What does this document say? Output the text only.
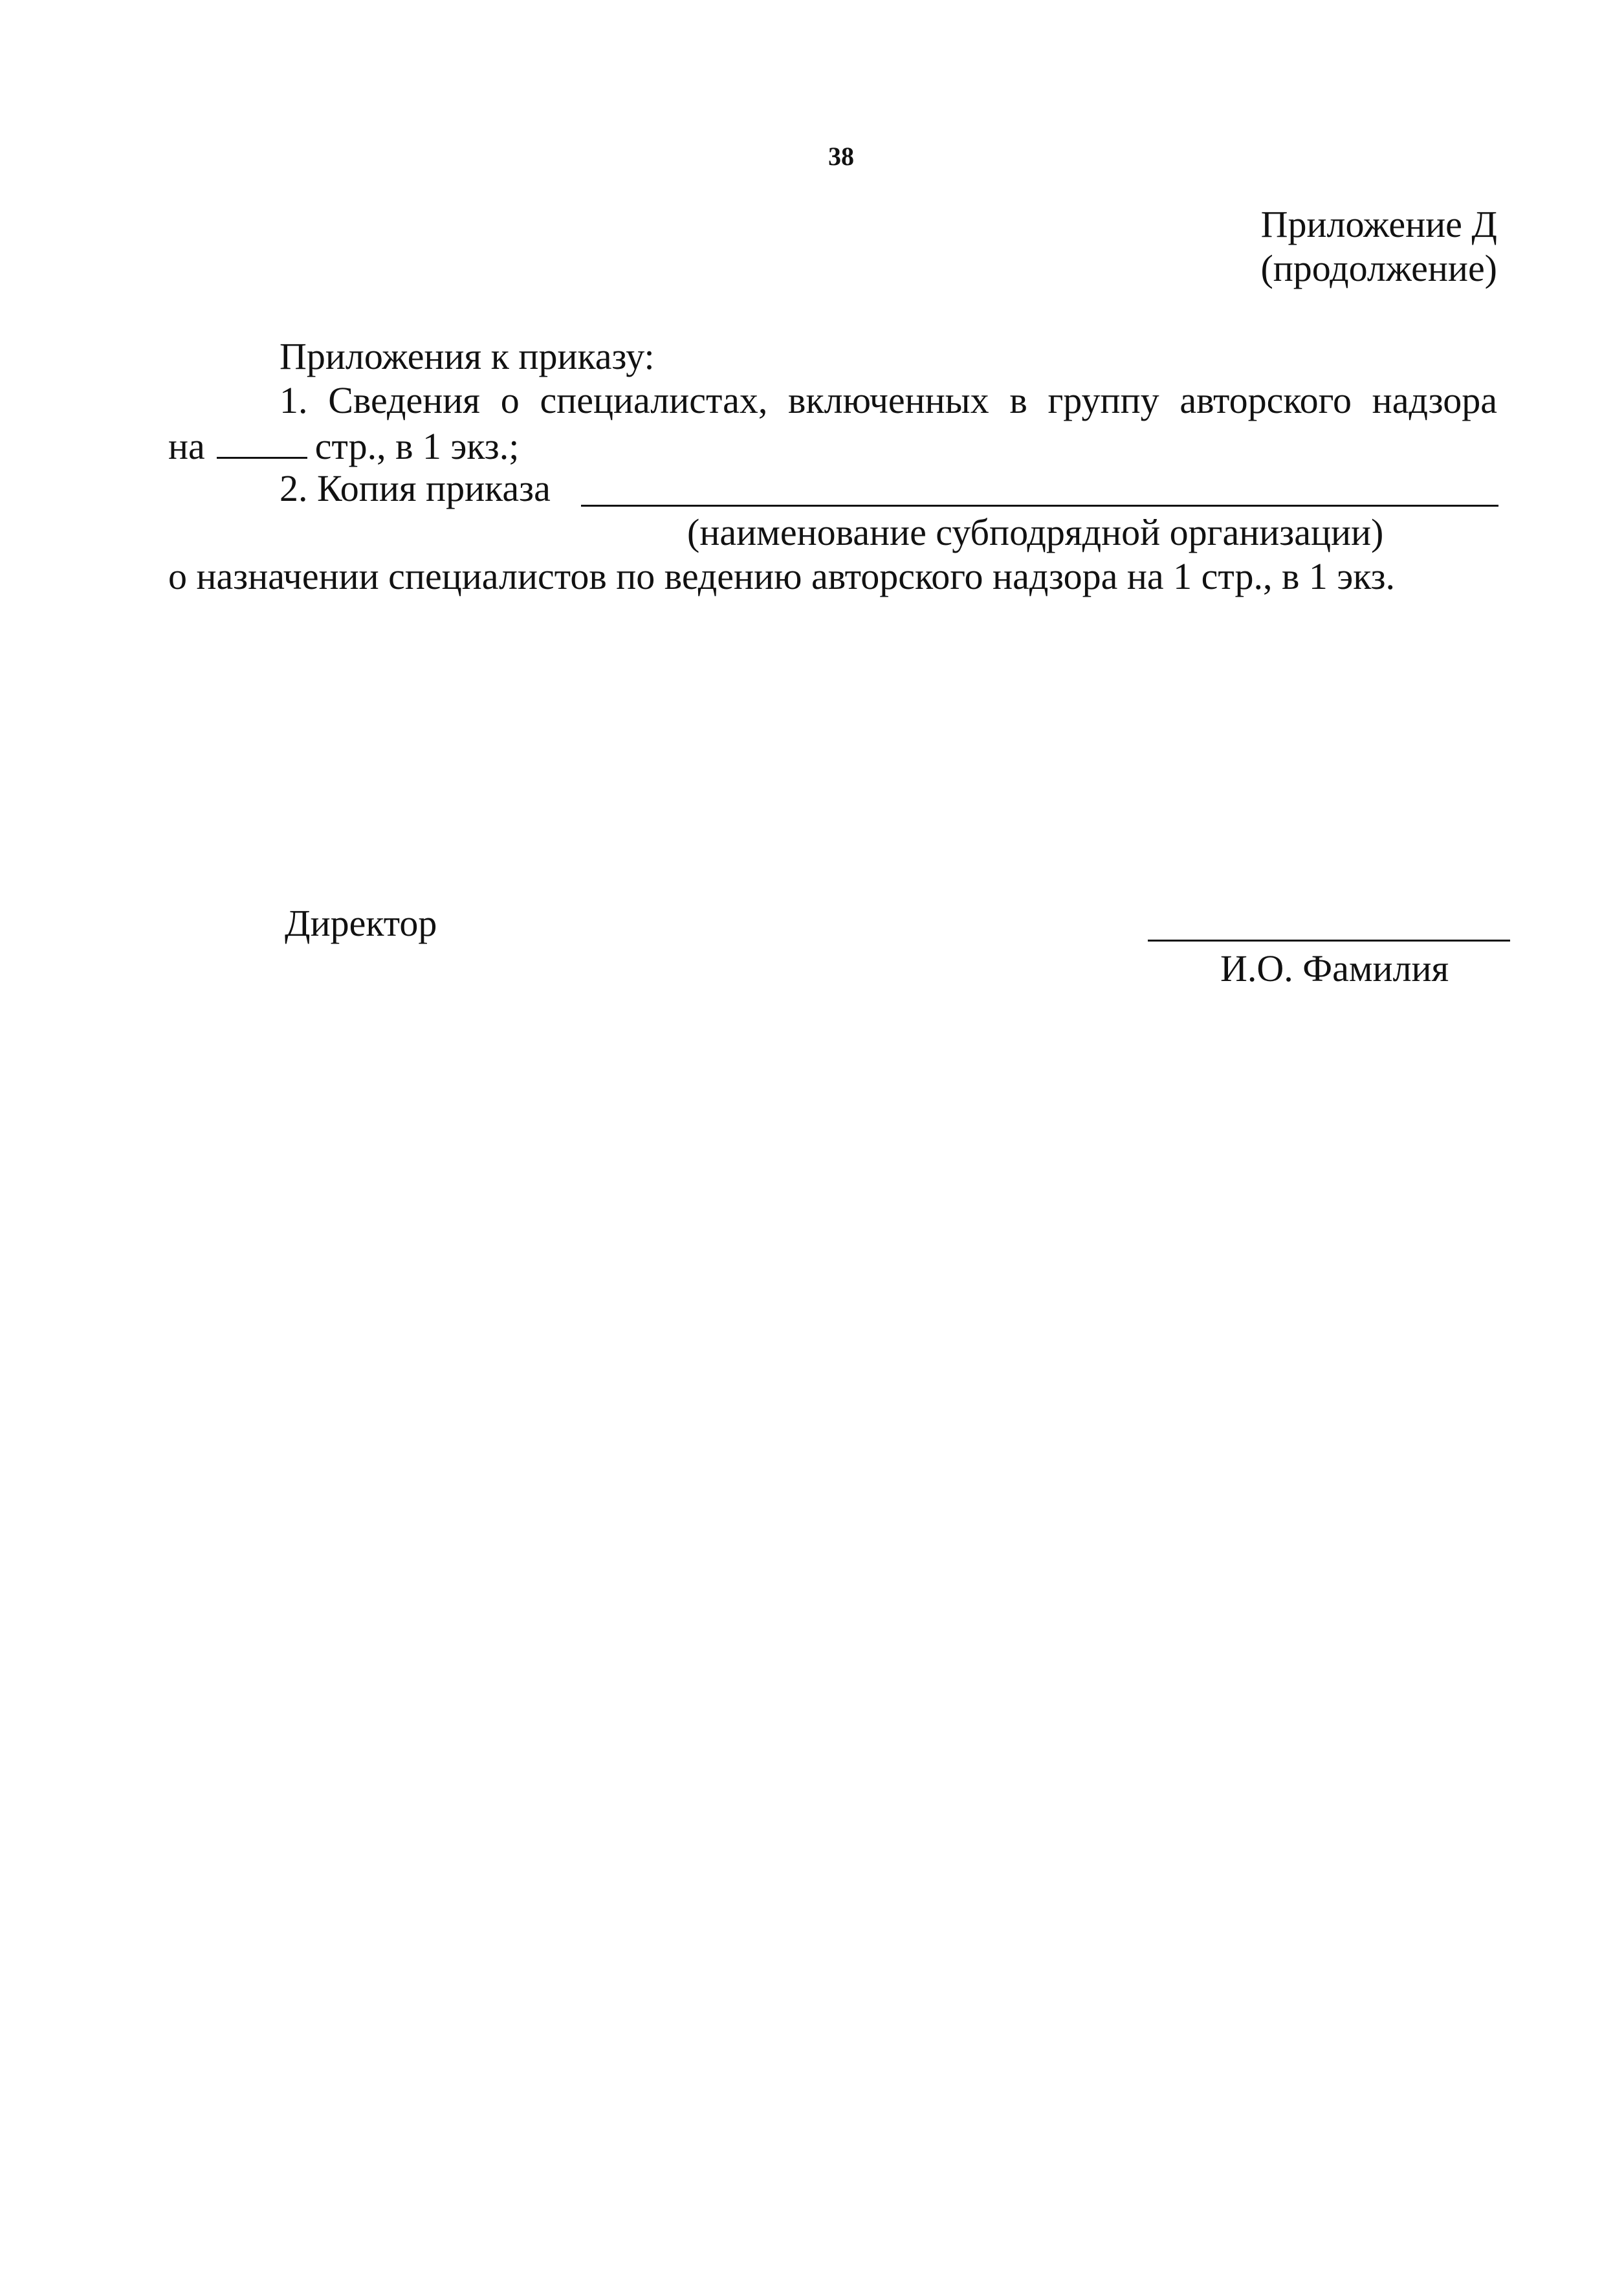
38
Приложение Д
(продолжение)
Приложения к приказу:
1. Сведения о специалистах, включенных в группу авторского надзора
на	стр., в 1 экз.;
2. Копия приказа
(наименование субподрядной организации)
о назначении специалистов по ведению авторского надзора на 1 стр., в 1 экз.
Директор
И.О. Фамилия
